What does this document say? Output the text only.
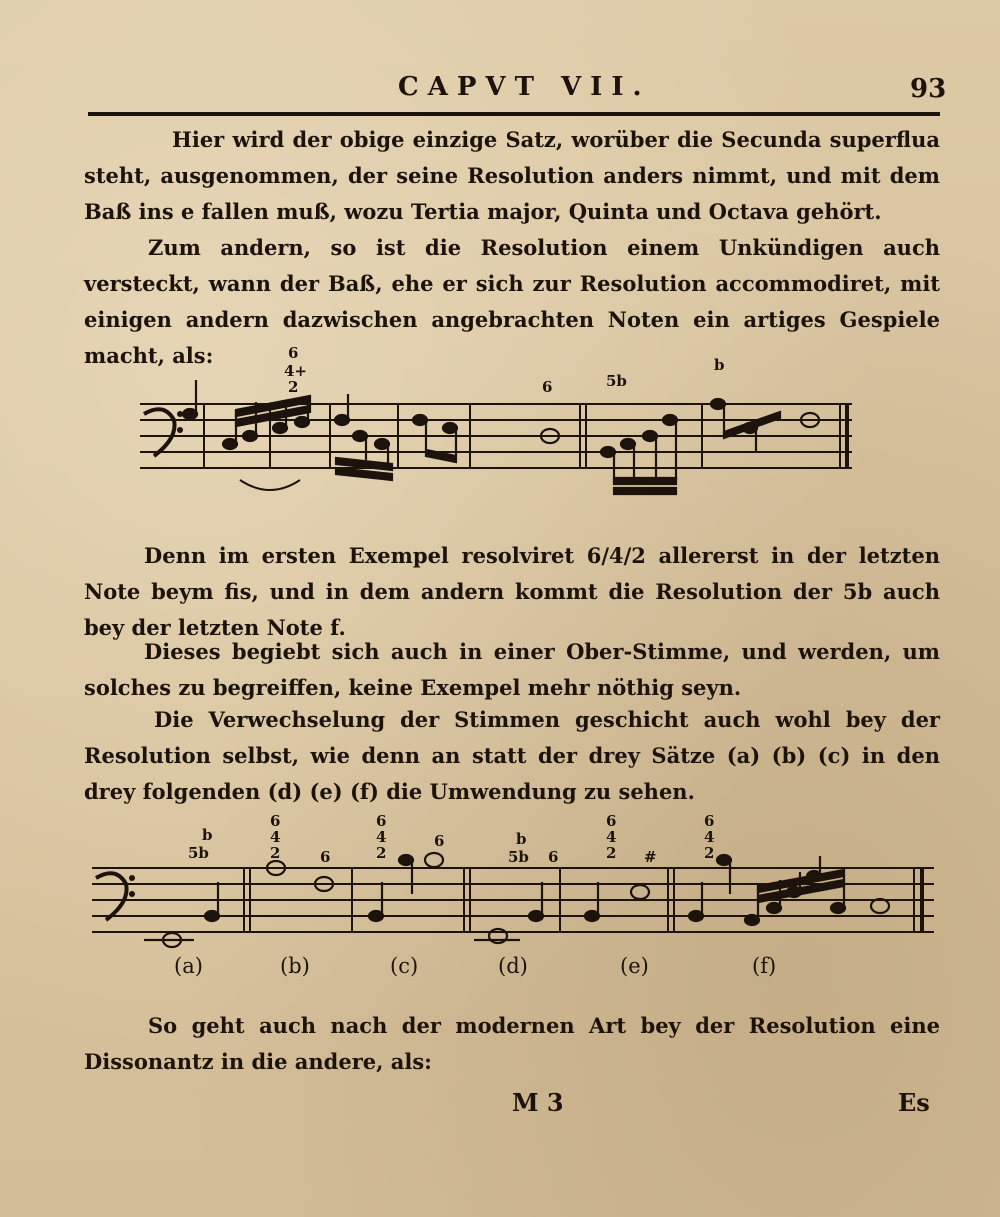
CAPVT VII.	93

Hier wird der obige einzige Satz, worüber die Secunda superflua steht, ausgenommen, der seine Resolution anders nimmt, und mit dem Baß ins e fallen muß, wozu Tertia major, Quinta und Octava gehört.

Zum andern, so ist die Resolution einem Unkündigen auch versteckt, wann der Baß, ehe er sich zur Resolution accommodiret, mit einigen andern dazwischen angebrachten Noten ein artiges Gespiele macht, als:	6
4+
2	6	5b
b

Denn im ersten Exempel resolviret 6/4/2 allererst in der letzten Note beym fis, und in dem andern kommt die Resolution der 5b auch bey der letzten Note f.

Dieses begiebt sich auch in einer Ober-Stimme, und werden, um solches zu begreiffen, keine Exempel mehr nöthig seyn.

Die Verwechselung der Stimmen geschicht auch wohl bey der Resolution selbst, wie denn an statt der drey Sätze (a) (b) (c) in den drey folgenden (d) (e) (f) die Umwendung zu sehen.

5b
b
6
4
2	6
6
4
2
6
5b
b
6
6
4
2 #
6
4
2
(a)	(b)	(c)	(d)	(e)	(f)

So geht auch nach der modernen Art bey der Resolution eine Dissonantz in die andere, als:

M 3	Es
